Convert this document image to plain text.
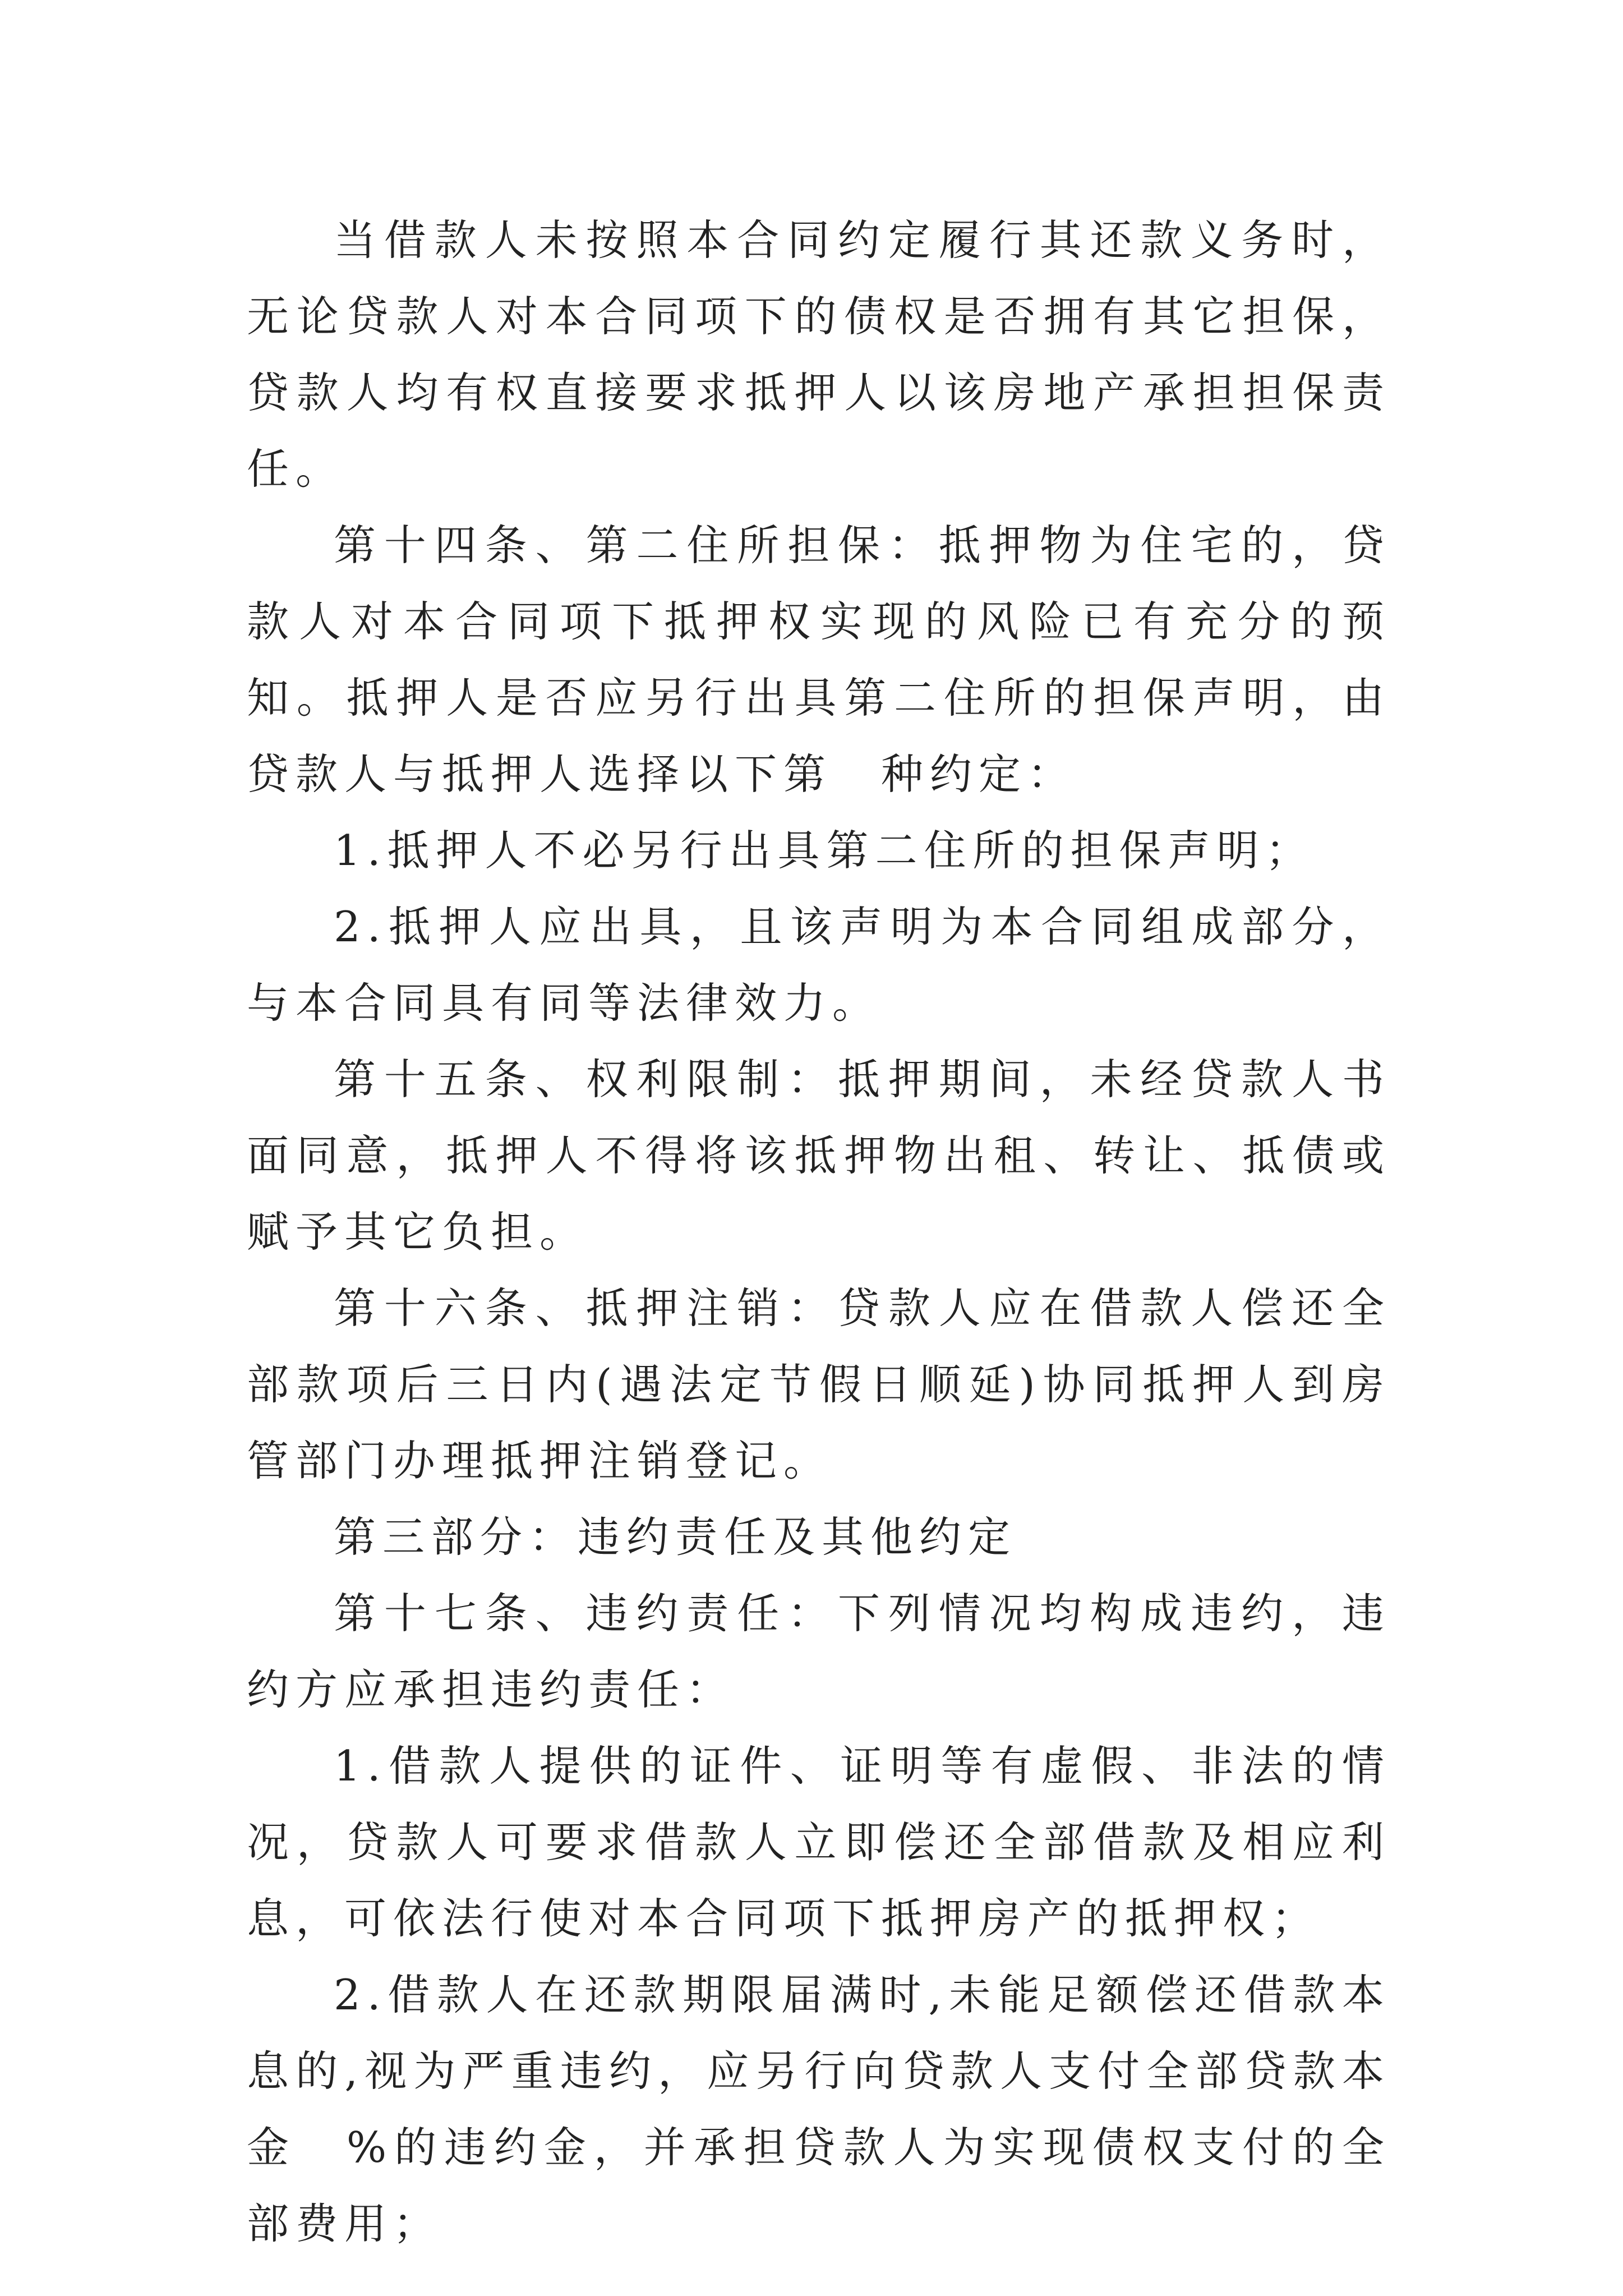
当借款人未按照本合同约定履行其还款义务时，无论贷款人对本合同项下的债权是否拥有其它担保，贷款人均有权直接要求抵押人以该房地产承担担保责任。

第十四条、第二住所担保：抵押物为住宅的，贷款人对本合同项下抵押权实现的风险已有充分的预知。抵押人是否应另行出具第二住所的担保声明，由贷款人与抵押人选择以下第　种约定：

1.抵押人不必另行出具第二住所的担保声明；

2.抵押人应出具，且该声明为本合同组成部分，与本合同具有同等法律效力。

第十五条、权利限制：抵押期间，未经贷款人书面同意，抵押人不得将该抵押物出租、转让、抵债或赋予其它负担。

第十六条、抵押注销：贷款人应在借款人偿还全部款项后三日内(遇法定节假日顺延)协同抵押人到房管部门办理抵押注销登记。

第三部分：违约责任及其他约定

第十七条、违约责任：下列情况均构成违约，违约方应承担违约责任：

1.借款人提供的证件、证明等有虚假、非法的情况，贷款人可要求借款人立即偿还全部借款及相应利息，可依法行使对本合同项下抵押房产的抵押权；

2.借款人在还款期限届满时,未能足额偿还借款本息的,视为严重违约，应另行向贷款人支付全部贷款本金　%的违约金，并承担贷款人为实现债权支付的全部费用；
